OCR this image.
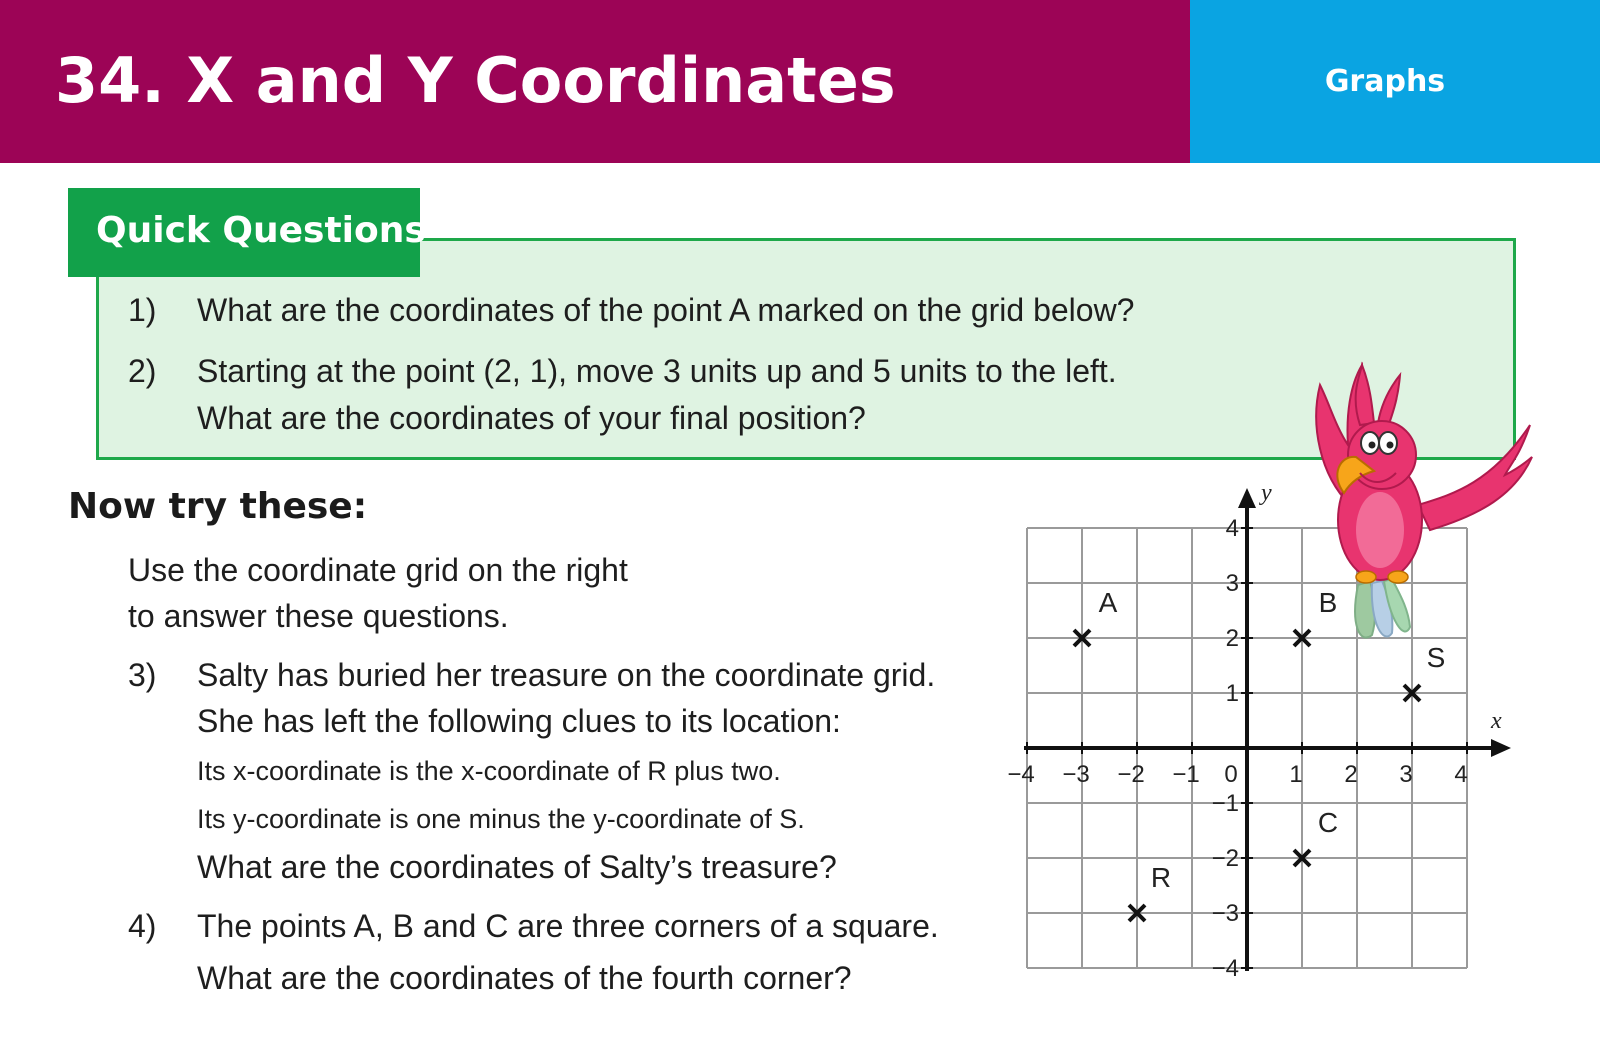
34. X and Y Coordinates	Graphs
Quick Questions
1) What are the coordinates of the point A marked on the grid below?
2) Starting at the point (2, 1), move 3 units up and 5 units to the left.
What are the coordinates of your final position?
Now try these:
Use the coordinate grid on the right
to answer these questions.
3) Salty has buried her treasure on the coordinate grid.
She has left the following clues to its location:
Its x-coordinate is the x-coordinate of R plus two.
Its y-coordinate is one minus the y-coordinate of S.
What are the coordinates of Salty’s treasure?
4) The points A, B and C are three corners of a square.
What are the coordinates of the fourth corner?
x
y
−4 −3 −2 −1 0 1 2 3 4
4
3
2
1
−1
−2
−3
−4
A	B
S
C
R
